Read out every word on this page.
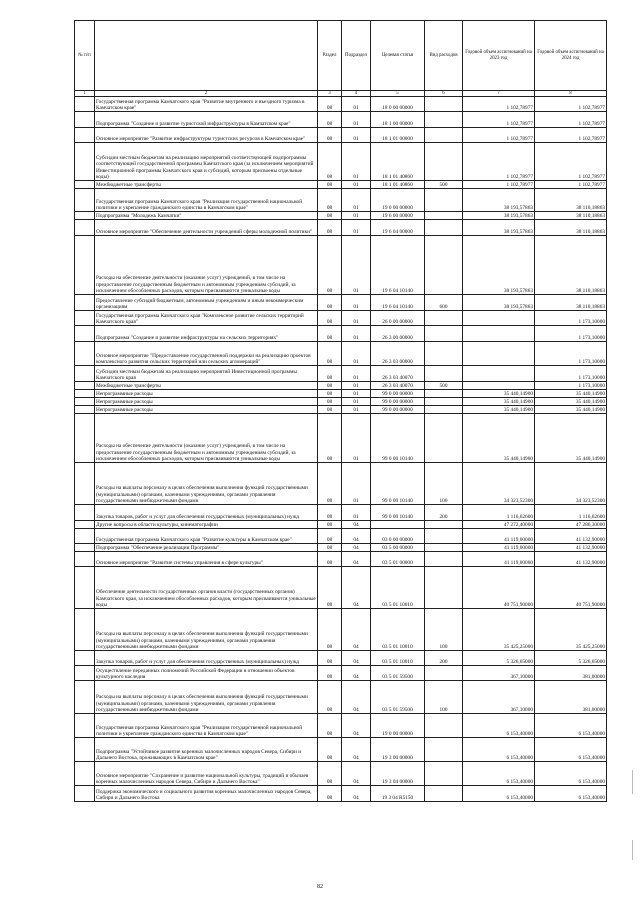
№ п/п		Раздел	Подраздел	Целевая статья	Вид расходов	Годовой объем ассигнований на 2023 год	Годовой объем ассигнований на 2024 год
1	2	3	4	5	6	7	8
	Государственная программа Камчатского края "Развитие внутреннего и въездного туризма в Камчатском крае"	08	01	18 0 00 00000		1 102,78977	1 102,78977
	Подпрограмма "Создание и развитие туристской инфраструктуры в Камчатском крае"	08	01	18 1 00 00000		1 102,78977	1 102,78977
	Основное мероприятие "Развитие инфраструктуры туристских ресурсов в Камчатском крае"	08	01	18 1 01 00000		1 102,78977	1 102,78977
	Субсидии местным бюджетам на реализацию мероприятий соответствующей подпрограммы соответствующей государственной программы Камчатского края (за исключением мероприятий Инвестиционной программы Камчатского края и субсидий, которым присвоены отдельные коды)	08	01	18 1 01 40860		1 102,78977	1 102,78977
	Межбюджетные трансферты	08	01	18 1 01 40860	500	1 102,78977	1 102,78977
	Государственная программа Камчатского края "Реализация государственной национальной политики и укрепление гражданского единства в Камчатском крае"	08	01	19 0 00 00000		38 193,57863	38 110,18863
	Подпрограмма "Молодежь Камчатки"	08	01	19 6 00 00000		38 193,57863	38 110,18863
	Основное мероприятие "Обеспечение деятельности учреждений сферы молодежной политики"	08	01	19 6 04 00000		38 193,57863	38 110,18863
	Расходы на обеспечение деятельности (оказание услуг) учреждений, в том числе на предоставление государственным бюджетным и автономным учреждениям субсидий, за исключением обособленных расходов, которым присваиваются уникальные коды	08	01	19 6 04 10140		38 193,57863	38 110,18863
	Предоставление субсидий бюджетным, автономным учреждениям и иным некоммерческим организациям	08	01	19 6 04 10140	600	38 193,57863	38 110,18863
	Государственная программа Камчатского края "Комплексное развитие сельских территорий Камчатского края"	08	01	26 0 00 00000			1 173,10000
	Подпрограмма "Создание и развитие инфраструктуры на сельских территориях"	08	01	26 3 00 00000			1 173,10000
	Основное мероприятие "Предоставление государственной поддержки на реализацию проектов комплексного развития сельских территорий или сельских агломераций"	08	01	26 3 03 00000			1 173,10000
	Субсидии местным бюджетам на реализацию мероприятий Инвестиционной программы Камчатского края	08	01	26 3 03 40070			1 173,10000
	Межбюджетные трансферты	08	01	26 3 03 40070	500		1 173,10000
	Непрограммные расходы	08	01	99 0 00 00000		35 440,14900	35 440,14900
	Непрограммные расходы	08	01	99 0 00 00000		35 440,14900	35 440,14900
	Непрограммные расходы	08	01	99 0 00 00000		35 440,14900	35 440,14900
	Расходы на обеспечение деятельности (оказание услуг) учреждений, в том числе на предоставление государственным бюджетным и автономным учреждениям субсидий, за исключением обособленных расходов, которым присваиваются уникальные коды	08	01	99 0 00 10140		35 440,14900	35 440,14900
	Расходы на выплаты персоналу в целях обеспечения выполнения функций государственными (муниципальными) органами, казенными учреждениями, органами управления государственными внебюджетными фондами	08	01	99 0 00 10140	100	34 323,52300	34 323,52300
	Закупка товаров, работ и услуг для обеспечения государственных (муниципальных) нужд	08	01	99 0 00 10140	200	1 116,62600	1 116,62600
	Другие вопросы в области культуры, кинематографии	08	04			47 272,40000	47 286,30000
	Государственная программа Камчатского края "Развитие культуры в Камчатском крае"	08	04	03 0 00 00000		41 119,00000	41 132,90000
	Подпрограмма "Обеспечение реализации Программы"	08	04	03 5 00 00000		41 119,00000	41 132,90000
	Основное мероприятие "Развитие системы управления в сфере культуры"	08	04	03 5 01 00000		41 119,00000	41 132,90000
	Обеспечение деятельности государственных органов власти (государственных органов) Камчатского края, за исключением обособленных расходов, которым присваиваются уникальные коды	08	04	03 5 01 10010		40 751,90000	40 751,90000
	Расходы на выплаты персоналу в целях обеспечения выполнения функций государственными (муниципальными) органами, казенными учреждениями, органами управления государственными внебюджетными фондами	08	04	03 5 01 10010	100	35 425,25000	35 425,25000
	Закупка товаров, работ и услуг для обеспечения государственных (муниципальных) нужд	08	04	03 5 01 10010	200	5 326,65000	5 326,65000
	Осуществление переданных полномочий Российской Федерации в отношении объектов культурного наследия	08	04	03 5 01 59500		367,10000	381,00000
	Расходы на выплаты персоналу в целях обеспечения выполнения функций государственными (муниципальными) органами, казенными учреждениями, органами управления государственными внебюджетными фондами	08	04	03 5 01 59500	100	367,10000	381,00000
	Государственная программа Камчатского края "Реализация государственной национальной политики и укрепление гражданского единства в Камчатском крае"	08	04	19 0 00 00000		6 153,40000	6 153,40000
	Подпрограмма "Устойчивое развитие коренных малочисленных народов Севера, Сибири и Дальнего Востока, проживающих в Камчатском крае"	08	04	19 3 00 00000		6 153,40000	6 153,40000
	Основное мероприятие "Сохранение и развитие национальной культуры, традиций и обычаев коренных малочисленных народов Севера, Сибири и Дальнего Востока"	08	04	19 3 04 00000		6 153,40000	6 153,40000
	Поддержка экономического и социального развития коренных малочисленных народов Севера, Сибири и Дальнего Востока	08	04	19 3 04 R5150		6 153,40000	6 153,40000
82
